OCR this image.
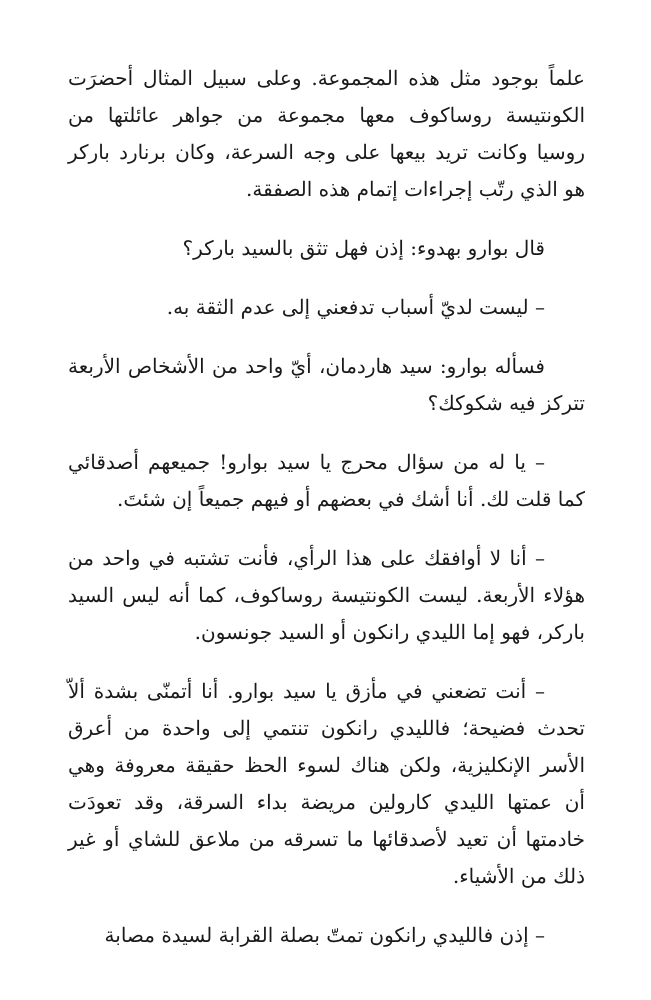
علماً بوجود مثل هذه المجموعة. وعلى سبيل المثال أحضرَت الكونتيسة روساكوف معها مجموعة من جواهر عائلتها من روسيا وكانت تريد بيعها على وجه السرعة، وكان برنارد باركر هو الذي رتّب إجراءات إتمام هذه الصفقة.

قال بوارو بهدوء: إذن فهل تثق بالسيد باركر؟

– ليست لديّ أسباب تدفعني إلى عدم الثقة به.

فسأله بوارو: سيد هاردمان، أيّ واحد من الأشخاص الأربعة تتركز فيه شكوكك؟

– يا له من سؤال محرج يا سيد بوارو! جميعهم أصدقائي كما قلت لك. أنا أشك في بعضهم أو فيهم جميعاً إن شئتَ.

– أنا لا أوافقك على هذا الرأي، فأنت تشتبه في واحد من هؤلاء الأربعة. ليست الكونتيسة روساكوف، كما أنه ليس السيد باركر، فهو إما الليدي رانكون أو السيد جونسون.

– أنت تضعني في مأزق يا سيد بوارو. أنا أتمنّى بشدة ألاّ تحدث فضيحة؛ فالليدي رانكون تنتمي إلى واحدة من أعرق الأسر الإنكليزية، ولكن هناك لسوء الحظ حقيقة معروفة وهي أن عمتها الليدي كارولين مريضة بداء السرقة، وقد تعودَت خادمتها أن تعيد لأصدقائها ما تسرقه من ملاعق للشاي أو غير ذلك من الأشياء.

– إذن فالليدي رانكون تمتّ بصلة القرابة لسيدة مصابة
